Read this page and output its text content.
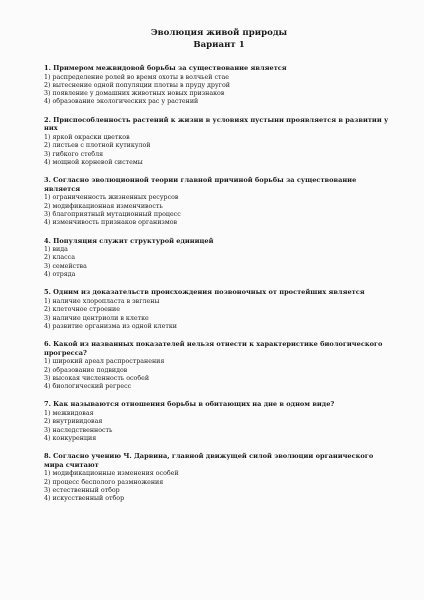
Эволюция живой природы
Вариант 1

1. Примером межвидовой борьбы за существование является

1) распределение ролей во время охоты в волчьей стае

2) вытеснение одной популяции плотвы в пруду другой

3) появление у домашних животных новых признаков

4) образование экологических рас у растений

2. Приспособленность растений к жизни в условиях пустыни проявляется в развитии у них

1) яркой окраски цветков

2) листьев с плотной кутикулой

3) гибкого стебля

4) мощной корневой системы

3. Согласно эволюционной теории главной причиной борьбы за существование является

1) ограниченность жизненных ресурсов

2) модификационная изменчивость

3) благоприятный мутационный процесс

4) изменчивость признаков организмов

4. Популяция служит структурой единицей

1) вида

2) класса

3) семейства

4) отряда

5. Одним из доказательств происхождения позвоночных от простейших является

1) наличие хлоропласта в эвглены

2) клеточное строение

3) наличие центриоли в клетке

4) развитие организма из одной клетки

6. Какой из названных показателей нельзя отнести к характеристике биологического прогресса?

1) широкий ареал распространения

2) образование подвидов

3) высокая численность особей

4) биологический регресс

7. Как называются отношения борьбы в обитающих на дне в одном виде?

1) межвидовая

2) внутривидовая

3) наследственность

4) конкуренция

8. Согласно учению Ч. Дарвина, главной движущей силой эволюции органического мира считают

1) модификационные изменения особей

2) процесс бесполого размножения

3) естественный отбор

4) искусственный отбор
